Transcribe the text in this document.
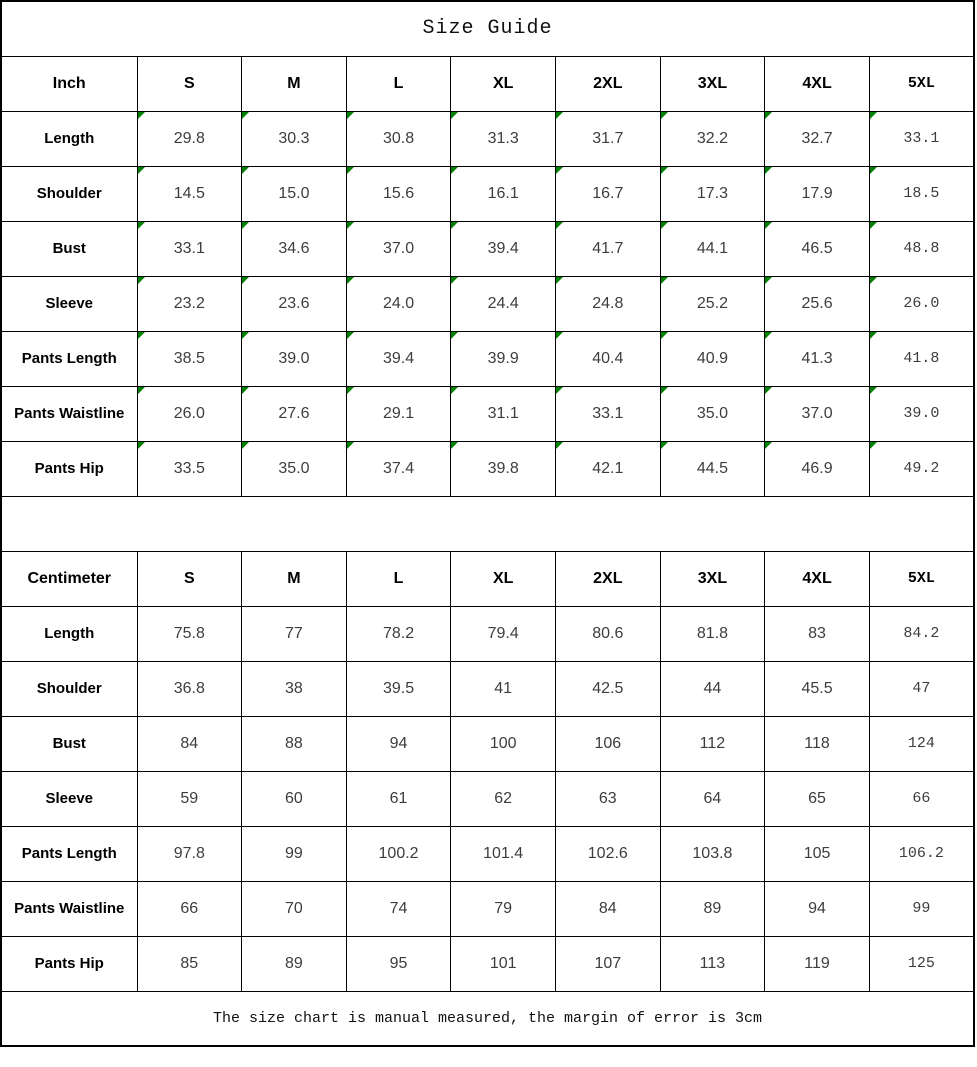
Size Guide								
Inch	S	M	L	XL	2XL	3XL	4XL	5XL
Length	29.8	30.3	30.8	31.3	31.7	32.2	32.7	33.1
Shoulder	14.5	15.0	15.6	16.1	16.7	17.3	17.9	18.5
Bust	33.1	34.6	37.0	39.4	41.7	44.1	46.5	48.8
Sleeve	23.2	23.6	24.0	24.4	24.8	25.2	25.6	26.0
Pants Length	38.5	39.0	39.4	39.9	40.4	40.9	41.3	41.8
Pants Waistline	26.0	27.6	29.1	31.1	33.1	35.0	37.0	39.0
Pants Hip	33.5	35.0	37.4	39.8	42.1	44.5	46.9	49.2

Centimeter	S	M	L	XL	2XL	3XL	4XL	5XL
Length	75.8	77	78.2	79.4	80.6	81.8	83	84.2
Shoulder	36.8	38	39.5	41	42.5	44	45.5	47
Bust	84	88	94	100	106	112	118	124
Sleeve	59	60	61	62	63	64	65	66
Pants Length	97.8	99	100.2	101.4	102.6	103.8	105	106.2
Pants Waistline	66	70	74	79	84	89	94	99
Pants Hip	85	89	95	101	107	113	119	125
The size chart is manual measured, the margin of error is 3cm								
